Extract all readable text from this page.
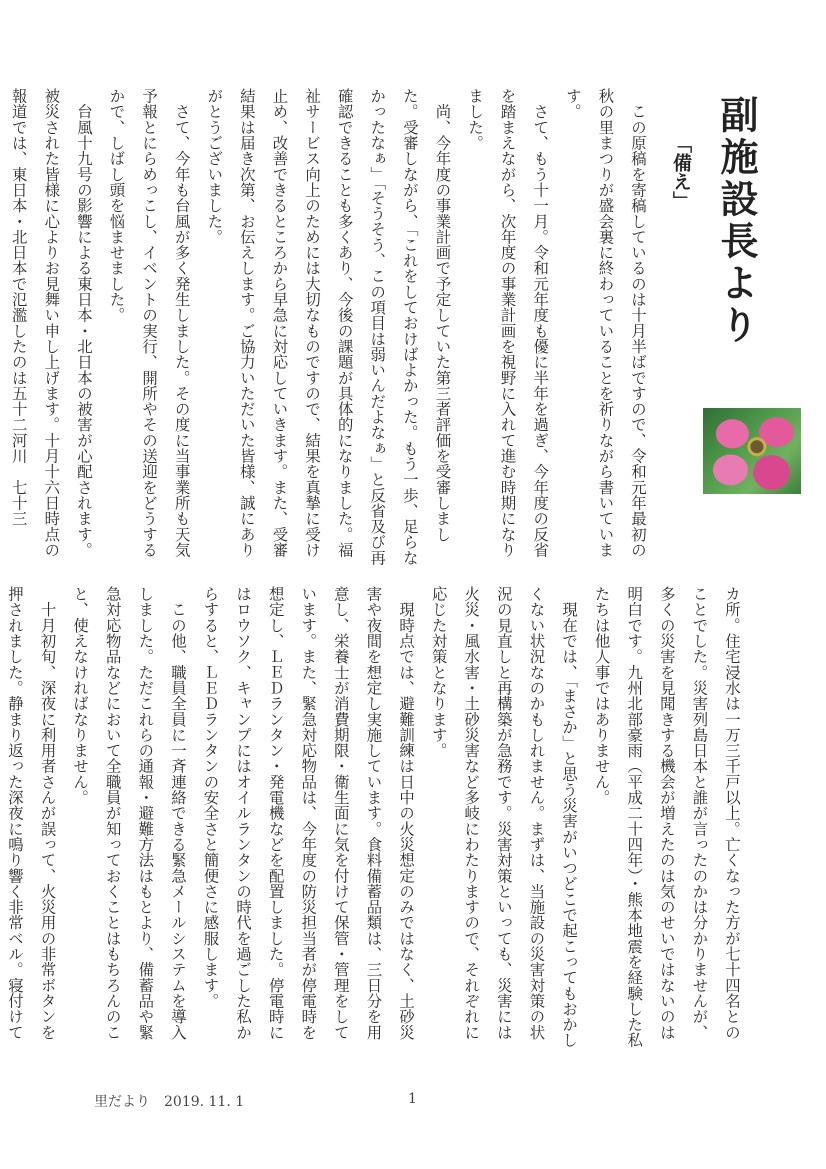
副施設長より
「備え」

　この原稿を寄稿しているのは十月半ばですので、令和元年最初の秋の里まつりが盛会裏に終わっていることを祈りながら書いています。

　さて、もう十一月。令和元年度も優に半年を過ぎ、今年度の反省を踏まえながら、次年度の事業計画を視野に入れて進む時期になりました。

　尚、今年度の事業計画で予定していた第三者評価を受審しました。受審しながら、「これをしておけばよかった。もう一歩、足らなかったなぁ」「そうそう、この項目は弱いんだよなぁ」と反省及び再確認できることも多くあり、今後の課題が具体的になりました。福祉サービス向上のためには大切なものですので、結果を真摯に受け止め、改善できるところから早急に対応していきます。また、受審結果は届き次第、お伝えします。ご協力いただいた皆様、誠にありがとうございました。

　さて、今年も台風が多く発生しました。その度に当事業所も天気予報とにらめっこし、イベントの実行、開所やその送迎をどうするかで、しばし頭を悩ませました。

　台風十九号の影響による東日本・北日本の被害が心配されます。被災された皆様に心よりお見舞い申し上げます。十月十六日時点の報道では、東日本・北日本で氾濫したのは五十二河川　七十三

カ所。住宅浸水は一万三千戸以上。亡くなった方が七十四名とのことでした。災害列島日本と誰が言ったのかは分かりませんが、多くの災害を見聞きする機会が増えたのは気のせいではないのは明白です。九州北部豪雨（平成二十四年）・熊本地震を経験した私たちは他人事ではありません。

　現在では、「まさか」と思う災害がいつどこで起こってもおかしくない状況なのかもしれません。まずは、当施設の災害対策の状況の見直しと再構築が急務です。災害対策といっても、災害には火災・風水害・土砂災害など多岐にわたりますので、それぞれに応じた対策となります。

　現時点では、避難訓練は日中の火災想定のみではなく、土砂災害や夜間を想定し実施しています。食料備蓄品類は、三日分を用意し、栄養士が消費期限・衛生面に気を付けて保管・管理をしています。また、緊急対応物品は、今年度の防災担当者が停電時を想定し、ＬＥＤランタン・発電機などを配置しました。停電時にはロウソク、キャンプにはオイルランタンの時代を過ごした私からすると、ＬＥＤランタンの安全さと簡便さに感服します。

　この他、職員全員に一斉連絡できる緊急メールシステムを導入しました。ただこれらの通報・避難方法はもとより、備蓄品や緊急対応物品などにおいて全職員が知っておくことはもちろんのこと、使えなければなりません。

　十月初旬、深夜に利用者さんが誤って、火災用の非常ボタンを押されました。静まり返った深夜に鳴り響く非常ベル。寝付けて

里だより　2019. 11. 1	1
